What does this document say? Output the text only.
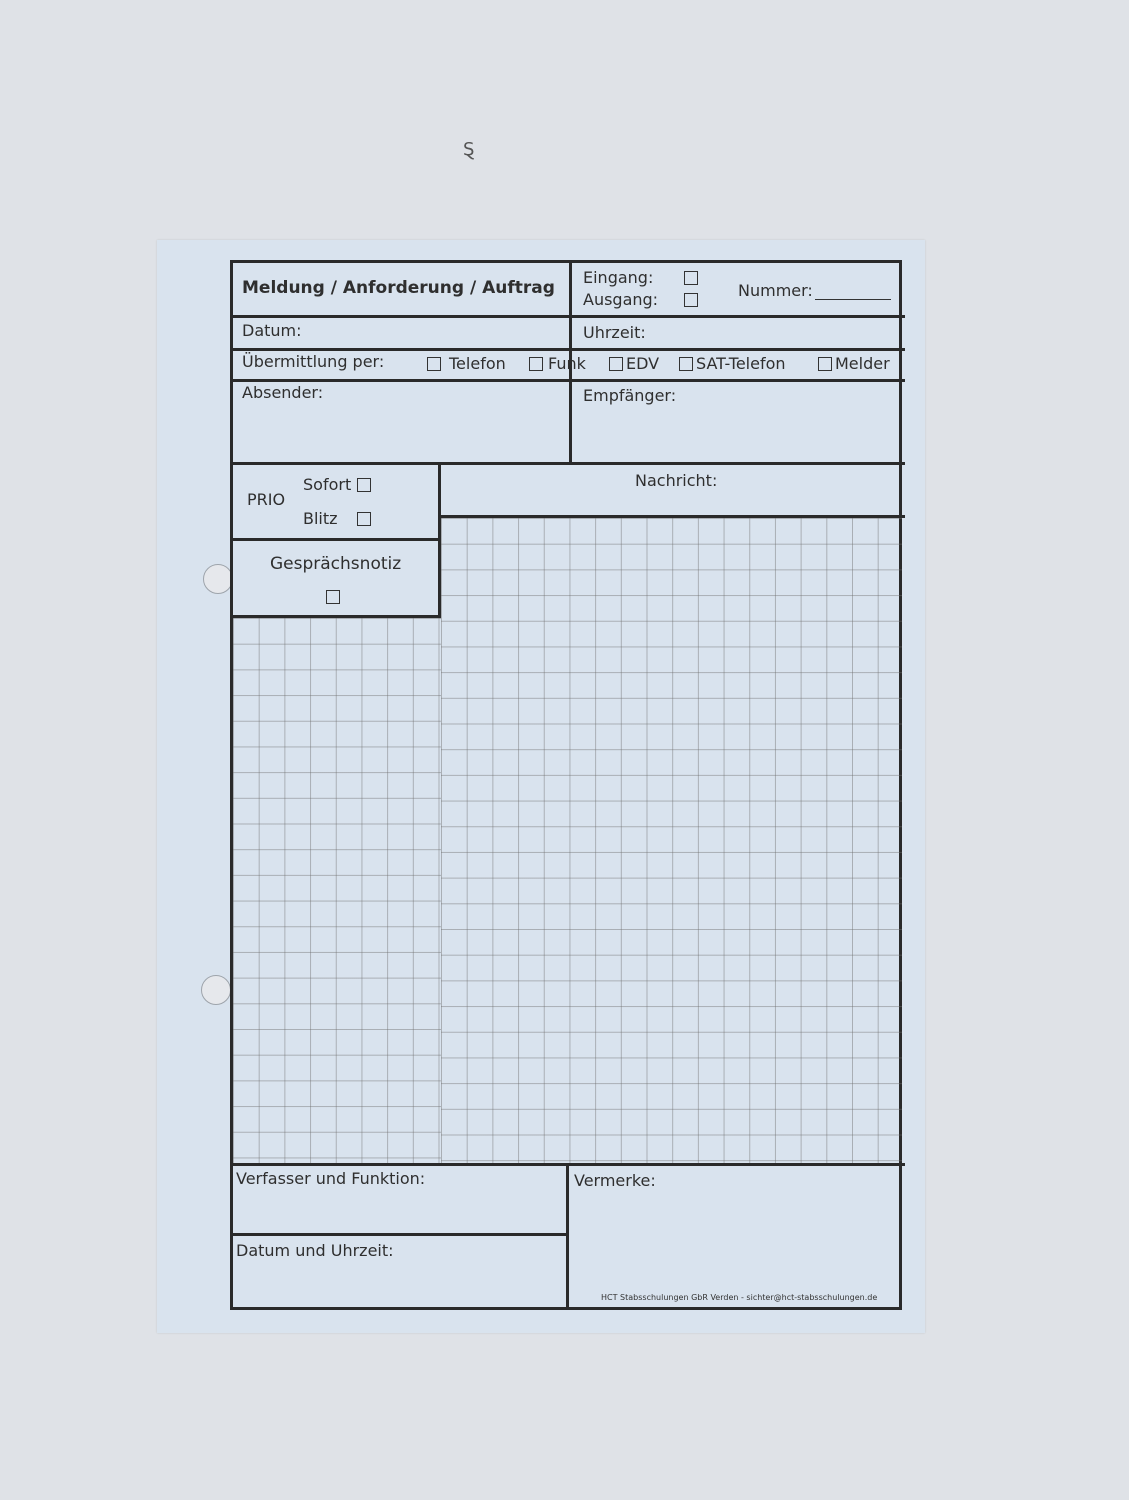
Meldung / Anforderung / Auftrag
Eingang:
Ausgang:	Nummer:
Datum:	Uhrzeit:
Übermittlung per:	Telefon	Funk	EDV SAT-Telefon	Melder
Absender:	Empfänger:
PRIO
Sofort
Blitz
Nachricht:
Gesprächsnotiz
Verfasser und Funktion:	Vermerke:
Datum und Uhrzeit:
HCT Stabsschulungen GbR Verden - sichter@hct-stabsschulungen.de
Ȿ
